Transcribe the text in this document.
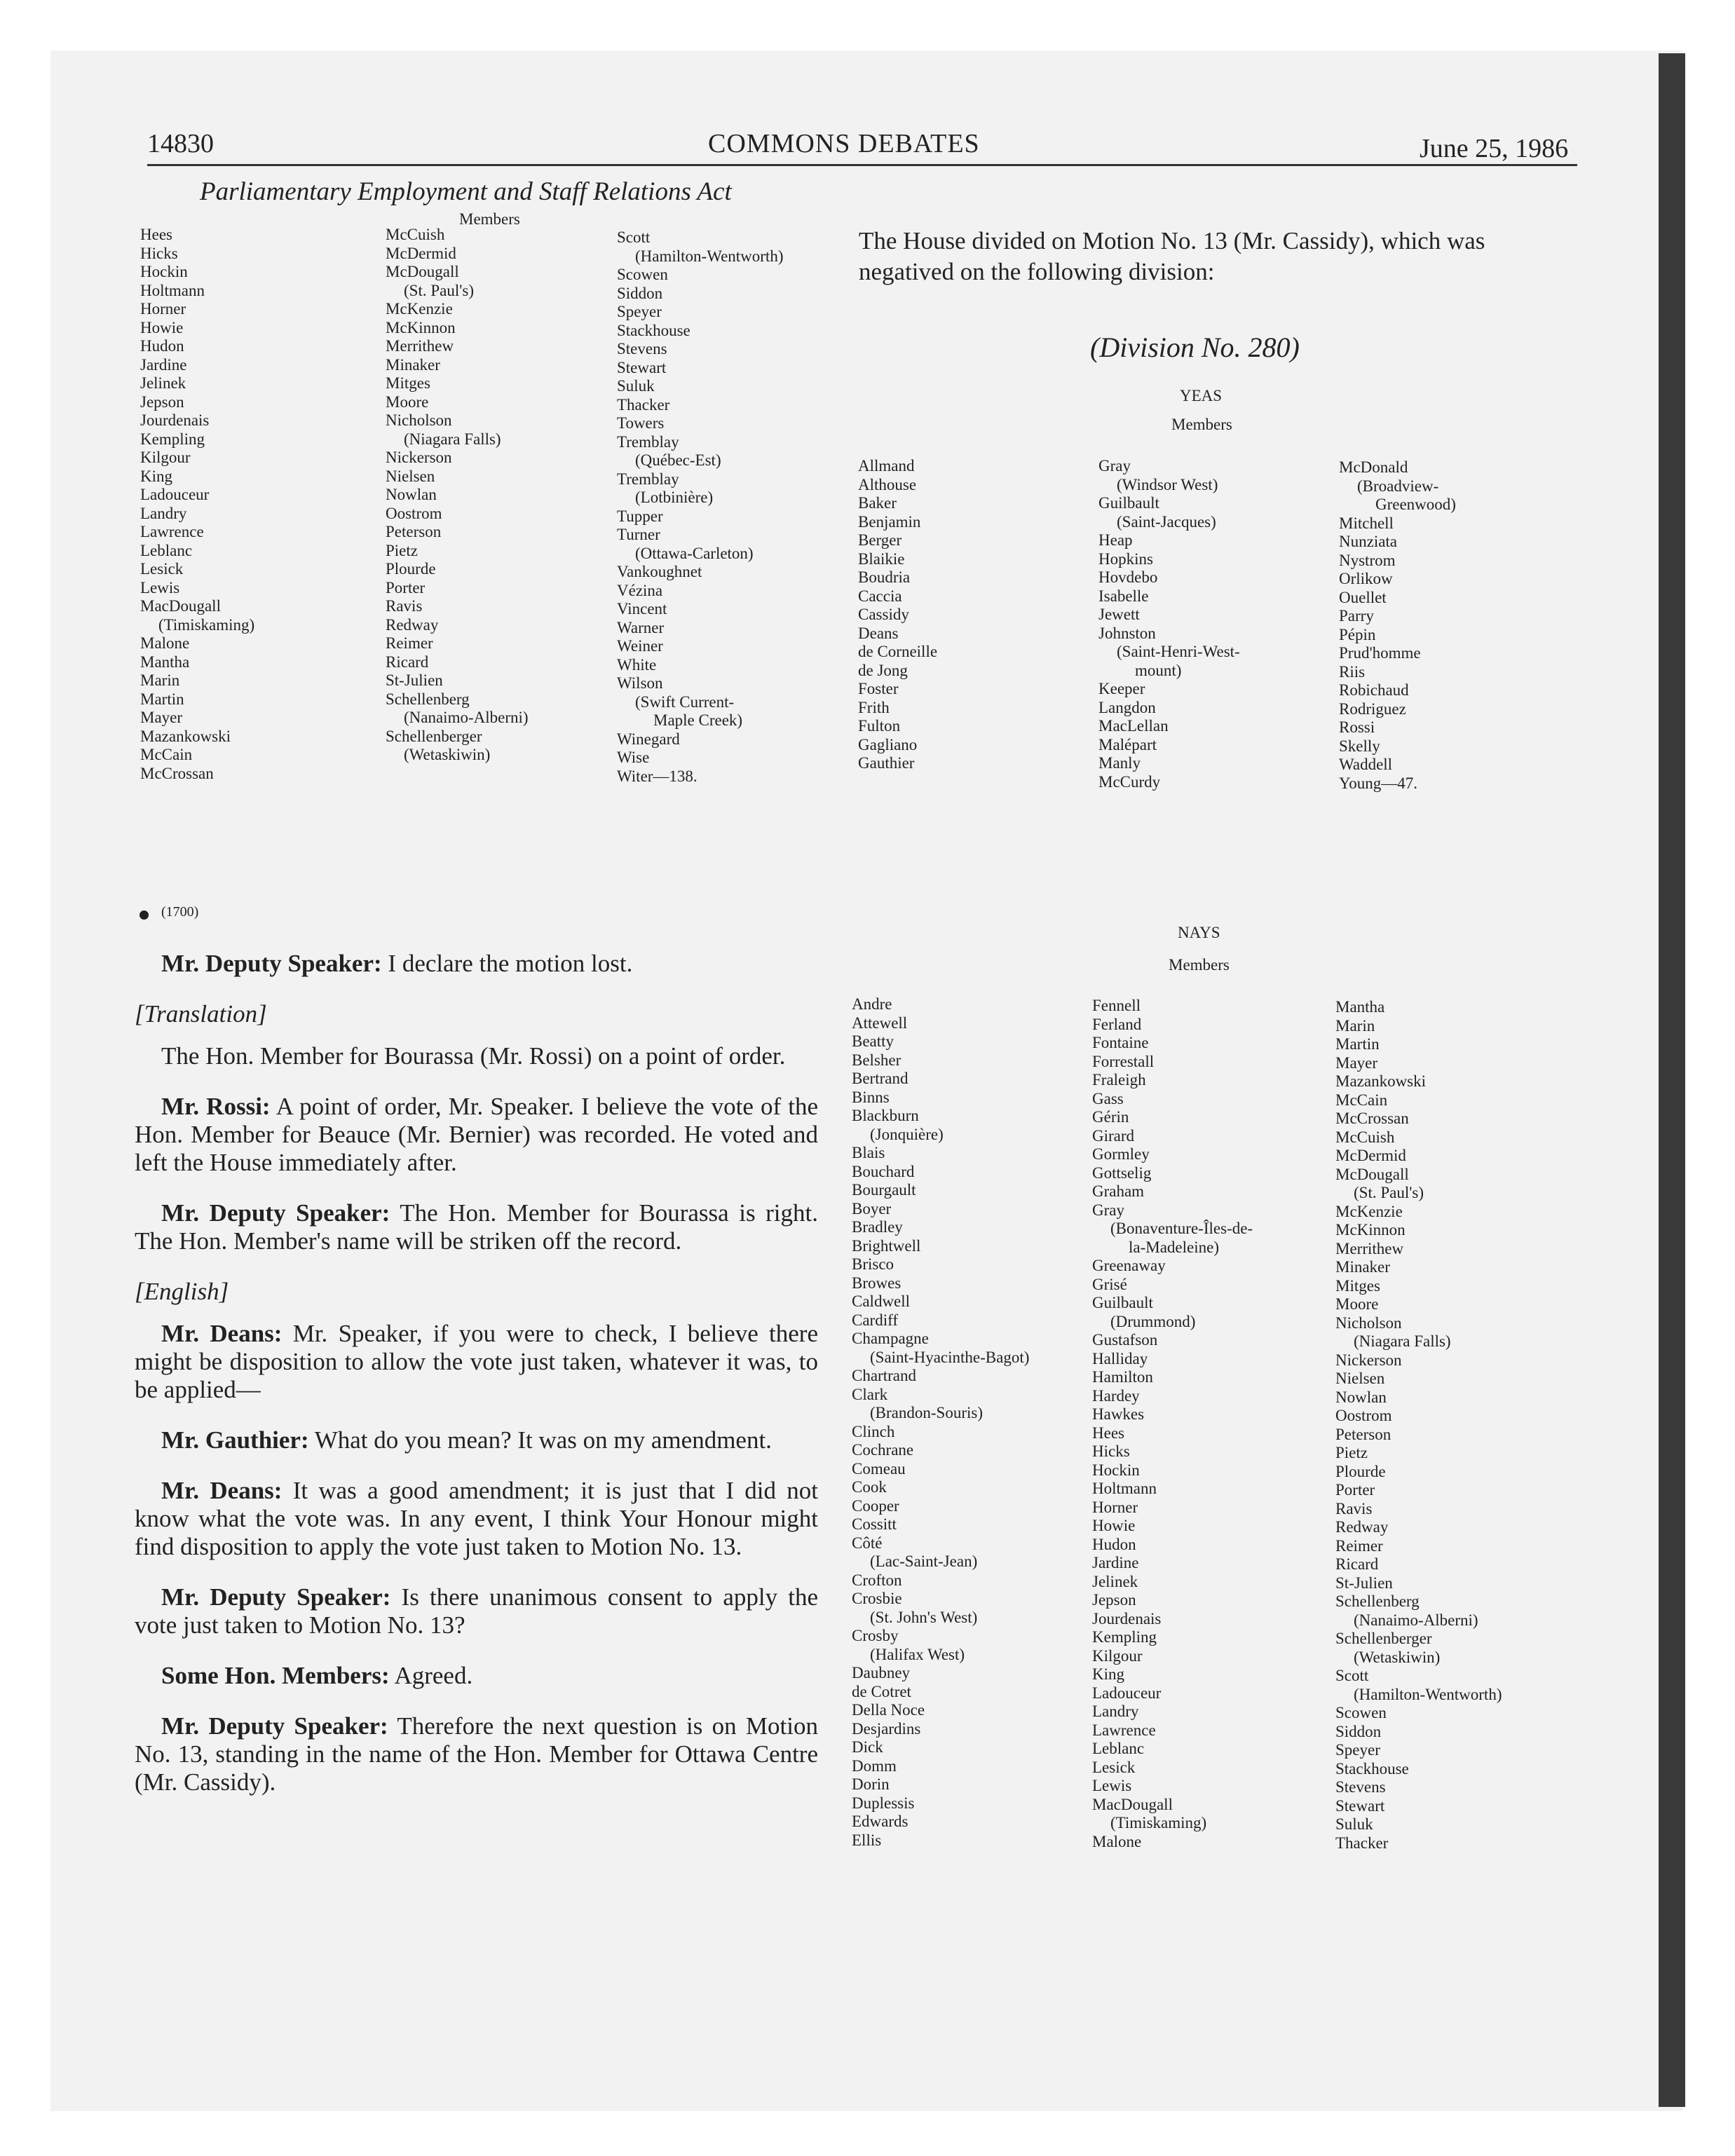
14830	COMMONS DEBATES	June 25, 1986
Parliamentary Employment and Staff Relations Act
Members
Hees
Hicks
Hockin
Holtmann
Horner
Howie
Hudon
Jardine
Jelinek
Jepson
Jourdenais
Kempling
Kilgour
King
Ladouceur
Landry
Lawrence
Leblanc
Lesick
Lewis
MacDougall
(Timiskaming)
Malone
Mantha
Marin
Martin
Mayer
Mazankowski
McCain
McCrossan
McCuish
McDermid
McDougall
(St. Paul's)
McKenzie
McKinnon
Merrithew
Minaker
Mitges
Moore
Nicholson
(Niagara Falls)
Nickerson
Nielsen
Nowlan
Oostrom
Peterson
Pietz
Plourde
Porter
Ravis
Redway
Reimer
Ricard
St-Julien
Schellenberg
(Nanaimo-Alberni)
Schellenberger
(Wetaskiwin)
Scott
(Hamilton-Wentworth)
Scowen
Siddon
Speyer
Stackhouse
Stevens
Stewart
Suluk
Thacker
Towers
Tremblay
(Québec-Est)
Tremblay
(Lotbinière)
Tupper
Turner
(Ottawa-Carleton)
Vankoughnet
Vézina
Vincent
Warner
Weiner
White
Wilson
(Swift Current-
Maple Creek)
Winegard
Wise
Witer—138.
The House divided on Motion No. 13 (Mr. Cassidy), which was negatived on the following division:
(Division No. 280)
YEAS
Members
Allmand
Althouse
Baker
Benjamin
Berger
Blaikie
Boudria
Caccia
Cassidy
Deans
de Corneille
de Jong
Foster
Frith
Fulton
Gagliano
Gauthier
Gray
(Windsor West)
Guilbault
(Saint-Jacques)
Heap
Hopkins
Hovdebo
Isabelle
Jewett
Johnston
(Saint-Henri-West-
mount)
Keeper
Langdon
MacLellan
Malépart
Manly
McCurdy
McDonald
(Broadview-
Greenwood)
Mitchell
Nunziata
Nystrom
Orlikow
Ouellet
Parry
Pépin
Prud'homme
Riis
Robichaud
Rodriguez
Rossi
Skelly
Waddell
Young—47.
(1700)

Mr. Deputy Speaker: I declare the motion lost.

[Translation]

The Hon. Member for Bourassa (Mr. Rossi) on a point of order.

Mr. Rossi: A point of order, Mr. Speaker. I believe the vote of the Hon. Member for Beauce (Mr. Bernier) was recorded. He voted and left the House immediately after.

Mr. Deputy Speaker: The Hon. Member for Bourassa is right. The Hon. Member's name will be striken off the record.

[English]

Mr. Deans: Mr. Speaker, if you were to check, I believe there might be disposition to allow the vote just taken, whatever it was, to be applied—

Mr. Gauthier: What do you mean? It was on my amendment.

Mr. Deans: It was a good amendment; it is just that I did not know what the vote was. In any event, I think Your Honour might find disposition to apply the vote just taken to Motion No. 13.

Mr. Deputy Speaker: Is there unanimous consent to apply the vote just taken to Motion No. 13?

Some Hon. Members: Agreed.

Mr. Deputy Speaker: Therefore the next question is on Motion No. 13, standing in the name of the Hon. Member for Ottawa Centre (Mr. Cassidy).

NAYS
Members
Andre
Attewell
Beatty
Belsher
Bertrand
Binns
Blackburn
(Jonquière)
Blais
Bouchard
Bourgault
Boyer
Bradley
Brightwell
Brisco
Browes
Caldwell
Cardiff
Champagne
(Saint-Hyacinthe-Bagot)
Chartrand
Clark
(Brandon-Souris)
Clinch
Cochrane
Comeau
Cook
Cooper
Cossitt
Côté
(Lac-Saint-Jean)
Crofton
Crosbie
(St. John's West)
Crosby
(Halifax West)
Daubney
de Cotret
Della Noce
Desjardins
Dick
Domm
Dorin
Duplessis
Edwards
Ellis
Fennell
Ferland
Fontaine
Forrestall
Fraleigh
Gass
Gérin
Girard
Gormley
Gottselig
Graham
Gray
(Bonaventure-Îles-de-
la-Madeleine)
Greenaway
Grisé
Guilbault
(Drummond)
Gustafson
Halliday
Hamilton
Hardey
Hawkes
Hees
Hicks
Hockin
Holtmann
Horner
Howie
Hudon
Jardine
Jelinek
Jepson
Jourdenais
Kempling
Kilgour
King
Ladouceur
Landry
Lawrence
Leblanc
Lesick
Lewis
MacDougall
(Timiskaming)
Malone
Mantha
Marin
Martin
Mayer
Mazankowski
McCain
McCrossan
McCuish
McDermid
McDougall
(St. Paul's)
McKenzie
McKinnon
Merrithew
Minaker
Mitges
Moore
Nicholson
(Niagara Falls)
Nickerson
Nielsen
Nowlan
Oostrom
Peterson
Pietz
Plourde
Porter
Ravis
Redway
Reimer
Ricard
St-Julien
Schellenberg
(Nanaimo-Alberni)
Schellenberger
(Wetaskiwin)
Scott
(Hamilton-Wentworth)
Scowen
Siddon
Speyer
Stackhouse
Stevens
Stewart
Suluk
Thacker
